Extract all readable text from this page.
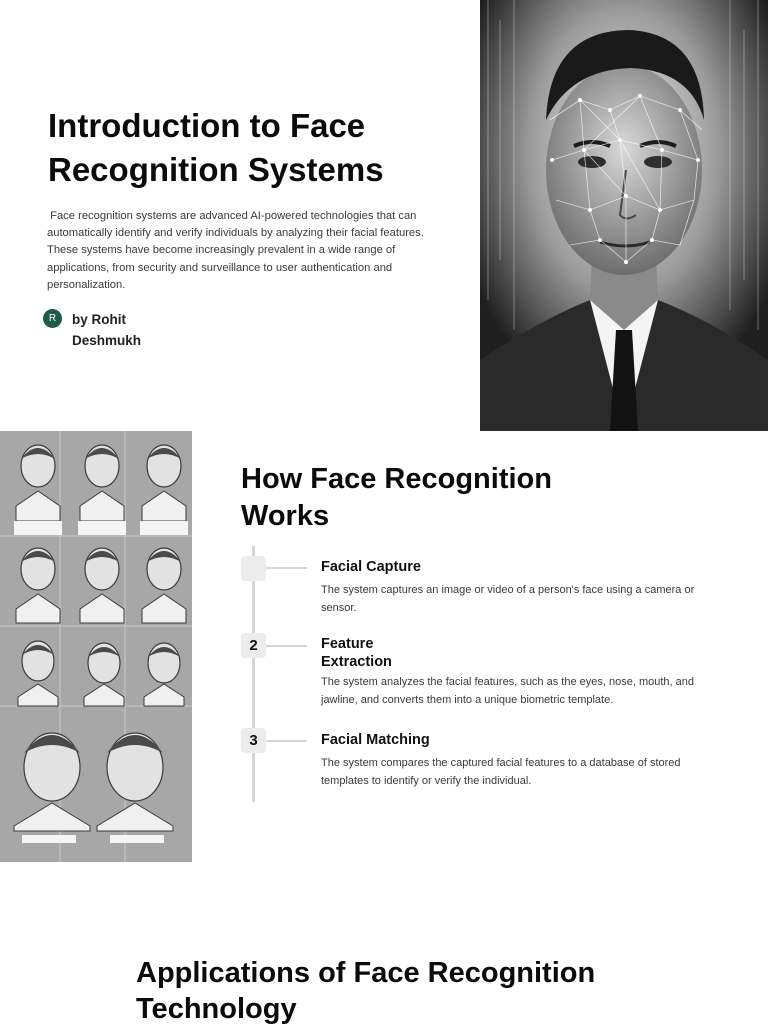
Introduction to Face Recognition Systems

Face recognition systems are advanced AI-powered technologies that can automatically identify and verify individuals by analyzing their facial features. These systems have become increasingly prevalent in a wide range of applications, from security and surveillance to user authentication and personalization.

R	by Rohit Deshmukh
How Face Recognition Works
Facial Capture
The system captures an image or video of a person's face using a camera or sensor.
2	Feature Extraction
The system analyzes the facial features, such as the eyes, nose, mouth, and jawline, and converts them into a unique biometric template.
3	Facial Matching
The system compares the captured facial features to a database of stored templates to identify or verify the individual.
Applications of Face Recognition Technology
